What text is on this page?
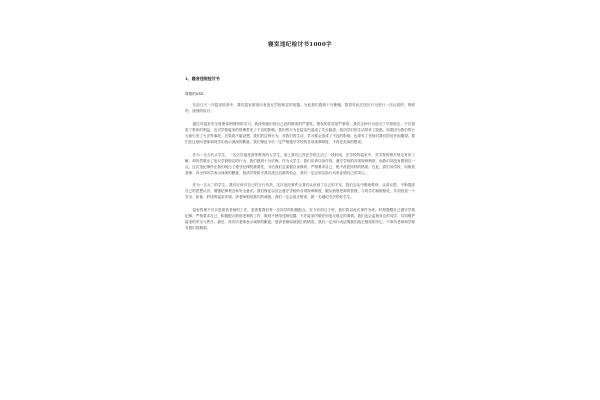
寝室违纪检讨书1000字
1、寝舍违规检讨书
尊敬的XXX：

在前几天一次寝室检查中，我们寝室被查出有违反学校规定的电器。为此我们感到十分惭愧，我将对此次违反行为进行一次认真的、彻底的、深刻的检讨。

通过对寝室安全管理条例细则的学习，我深刻意识到自己犯的错误的严重性。错误的性质是严重的。我们这种行为违反了学校规定，不仅损害了集体的利益，也对学校寝室的管理带来了不良的影响。我们的行为在寝室内造成了安全隐患，给同学们的生活带来了隐患。如果因为我们的行为而引发了火灾等事故，后果将不堪设想。我们的这种行为，对我们的生活、学习都会造成了不良的影响，也辜负了老师对我们的信任和期望。我们在这里向老师和同学们表示深深的歉意，我们保证今后一定严格遵守学校的各项规章制度，不再犯类似的错误。

作为一名当代大学生，一名正在接受高等教育的大学生，加上我们已经在学校生活了一段时间，在学校的寝室中，对学校的相关规定有所了解，却仍然做出了违反学校规定的行为，我们感到十分后悔。作为大学生，我们应该以身作则，遵守学校的各项规章制度，而我们却没有做到这一点。这次违纪事件让我们明白了遵守纪律的重要性，今后我们会加强自身修养，严格要求自己，绝不再犯同样的错误。在此，我们向学校、向宿管老师、向全体同学表示深深的歉意，恳请学校给予我们改过自新的机会，我们一定会用实际行动来证明自己的决心。

作为一名大二的学生，我们应该对自己的言行负责。这次违纪事件让我们认识到了自己的不足，我们会从中吸取教训，认真反思，不断提高自己的思想认识，增强纪律观念和安全意识。我们保证以后会遵守学校的各项规章制度，服从宿管老师的管理，与同学们和睦相处，共同营造一个安全、和谐、舒适的寝室环境。请老师相信我们的诚意，我们一定会改正错误，做一名遵纪守法的好学生。

寝舍管理不仅仅是宿管老师的工作，更需要我们每一位同学的积极配合。在今后的日子里，我们将以此次事件为戒，时刻提醒自己遵守学校纪律，严格要求自己，积极配合宿管老师的工作，做到不使用违规电器，不在寝室内做任何违反规定的事情。我们也会监督身边的同学，共同维护寝室的安全与秩序。最后，再次向老师表示诚挚的歉意，恳请老师原谅我们的错误，我们一定用行动证明我们改正错误的决心，不辜负老师和学校对我们的期望。
